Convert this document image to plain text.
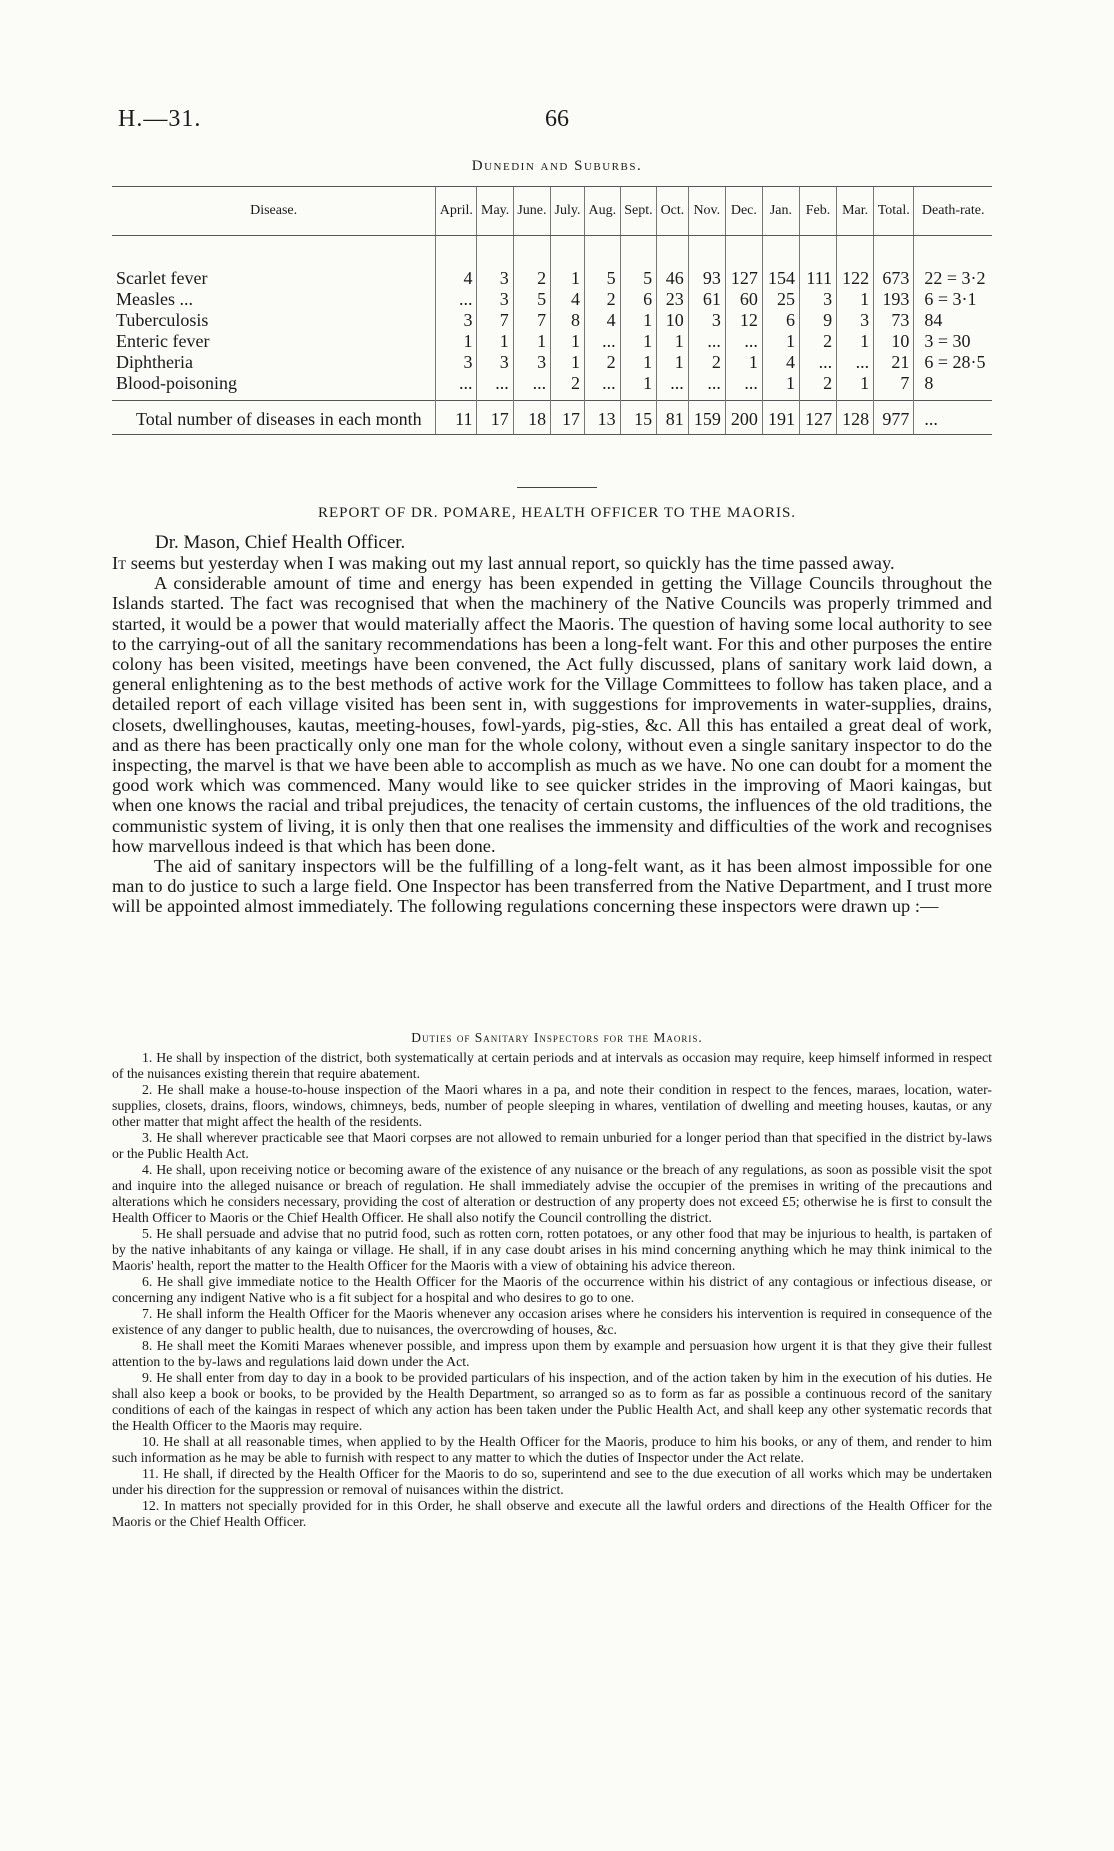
H.—31.	66
Dunedin and Suburbs.
Disease.	April.	May.	June.	July.	Aug.	Sept.	Oct.	Nov.	Dec.	Jan.	Feb.	Mar.	Total.	Death-rate.

Scarlet fever	4	3	2	1	5	5	46	93	127	154	111	122	673	22 = 3·2
Measles ...	...	3	5	4	2	6	23	61	60	25	3	1	193	6 = 3·1
Tuberculosis	3	7	7	8	4	1	10	3	12	6	9	3	73	84
Enteric fever	1	1	1	1	...	1	1	...	...	1	2	1	10	3 = 30
Diphtheria	3	3	3	1	2	1	1	2	1	4	...	...	21	6 = 28·5
Blood-poisoning	...	...	...	2	...	1	...	...	...	1	2	1	7	8
Total number of diseases in each month	11	17	18	17	13	15	81	159	200	191	127	128	977	...
REPORT OF DR. POMARE, HEALTH OFFICER TO THE MAORIS.
Dr. Mason, Chief Health Officer.

It seems but yesterday when I was making out my last annual report, so quickly has the time passed away.

A considerable amount of time and energy has been expended in getting the Village Councils throughout the Islands started. The fact was recognised that when the machinery of the Native Councils was properly trimmed and started, it would be a power that would materially affect the Maoris. The question of having some local authority to see to the carrying-out of all the sanitary recommendations has been a long-felt want. For this and other purposes the entire colony has been visited, meetings have been convened, the Act fully discussed, plans of sanitary work laid down, a general enlightening as to the best methods of active work for the Village Committees to follow has taken place, and a detailed report of each village visited has been sent in, with suggestions for improvements in water-supplies, drains, closets, dwellinghouses, kautas, meeting-houses, fowl-yards, pig-sties, &c. All this has entailed a great deal of work, and as there has been practically only one man for the whole colony, without even a single sanitary inspector to do the inspecting, the marvel is that we have been able to accomplish as much as we have. No one can doubt for a moment the good work which was commenced. Many would like to see quicker strides in the improving of Maori kaingas, but when one knows the racial and tribal prejudices, the tenacity of certain customs, the influences of the old traditions, the communistic system of living, it is only then that one realises the immensity and difficulties of the work and recognises how marvellous indeed is that which has been done.

The aid of sanitary inspectors will be the fulfilling of a long-felt want, as it has been almost impossible for one man to do justice to such a large field. One Inspector has been transferred from the Native Department, and I trust more will be appointed almost immediately. The following regulations concerning these inspectors were drawn up :—

Duties of Sanitary Inspectors for the Maoris.

1. He shall by inspection of the district, both systematically at certain periods and at intervals as occasion may require, keep himself informed in respect of the nuisances existing therein that require abatement.

2. He shall make a house-to-house inspection of the Maori whares in a pa, and note their condition in respect to the fences, maraes, location, water-supplies, closets, drains, floors, windows, chimneys, beds, number of people sleeping in whares, ventilation of dwelling and meeting houses, kautas, or any other matter that might affect the health of the residents.

3. He shall wherever practicable see that Maori corpses are not allowed to remain unburied for a longer period than that specified in the district by-laws or the Public Health Act.

4. He shall, upon receiving notice or becoming aware of the existence of any nuisance or the breach of any regulations, as soon as possible visit the spot and inquire into the alleged nuisance or breach of regulation. He shall immediately advise the occupier of the premises in writing of the precautions and alterations which he considers necessary, providing the cost of alteration or destruction of any property does not exceed £5; otherwise he is first to consult the Health Officer to Maoris or the Chief Health Officer. He shall also notify the Council controlling the district.

5. He shall persuade and advise that no putrid food, such as rotten corn, rotten potatoes, or any other food that may be injurious to health, is partaken of by the native inhabitants of any kainga or village. He shall, if in any case doubt arises in his mind concerning anything which he may think inimical to the Maoris' health, report the matter to the Health Officer for the Maoris with a view of obtaining his advice thereon.

6. He shall give immediate notice to the Health Officer for the Maoris of the occurrence within his district of any contagious or infectious disease, or concerning any indigent Native who is a fit subject for a hospital and who desires to go to one.

7. He shall inform the Health Officer for the Maoris whenever any occasion arises where he considers his intervention is required in consequence of the existence of any danger to public health, due to nuisances, the overcrowding of houses, &c.

8. He shall meet the Komiti Maraes whenever possible, and impress upon them by example and persuasion how urgent it is that they give their fullest attention to the by-laws and regulations laid down under the Act.

9. He shall enter from day to day in a book to be provided particulars of his inspection, and of the action taken by him in the execution of his duties. He shall also keep a book or books, to be provided by the Health Department, so arranged so as to form as far as possible a continuous record of the sanitary conditions of each of the kaingas in respect of which any action has been taken under the Public Health Act, and shall keep any other systematic records that the Health Officer to the Maoris may require.

10. He shall at all reasonable times, when applied to by the Health Officer for the Maoris, produce to him his books, or any of them, and render to him such information as he may be able to furnish with respect to any matter to which the duties of Inspector under the Act relate.

11. He shall, if directed by the Health Officer for the Maoris to do so, superintend and see to the due execution of all works which may be undertaken under his direction for the suppression or removal of nuisances within the district.

12. In matters not specially provided for in this Order, he shall observe and execute all the lawful orders and directions of the Health Officer for the Maoris or the Chief Health Officer.
